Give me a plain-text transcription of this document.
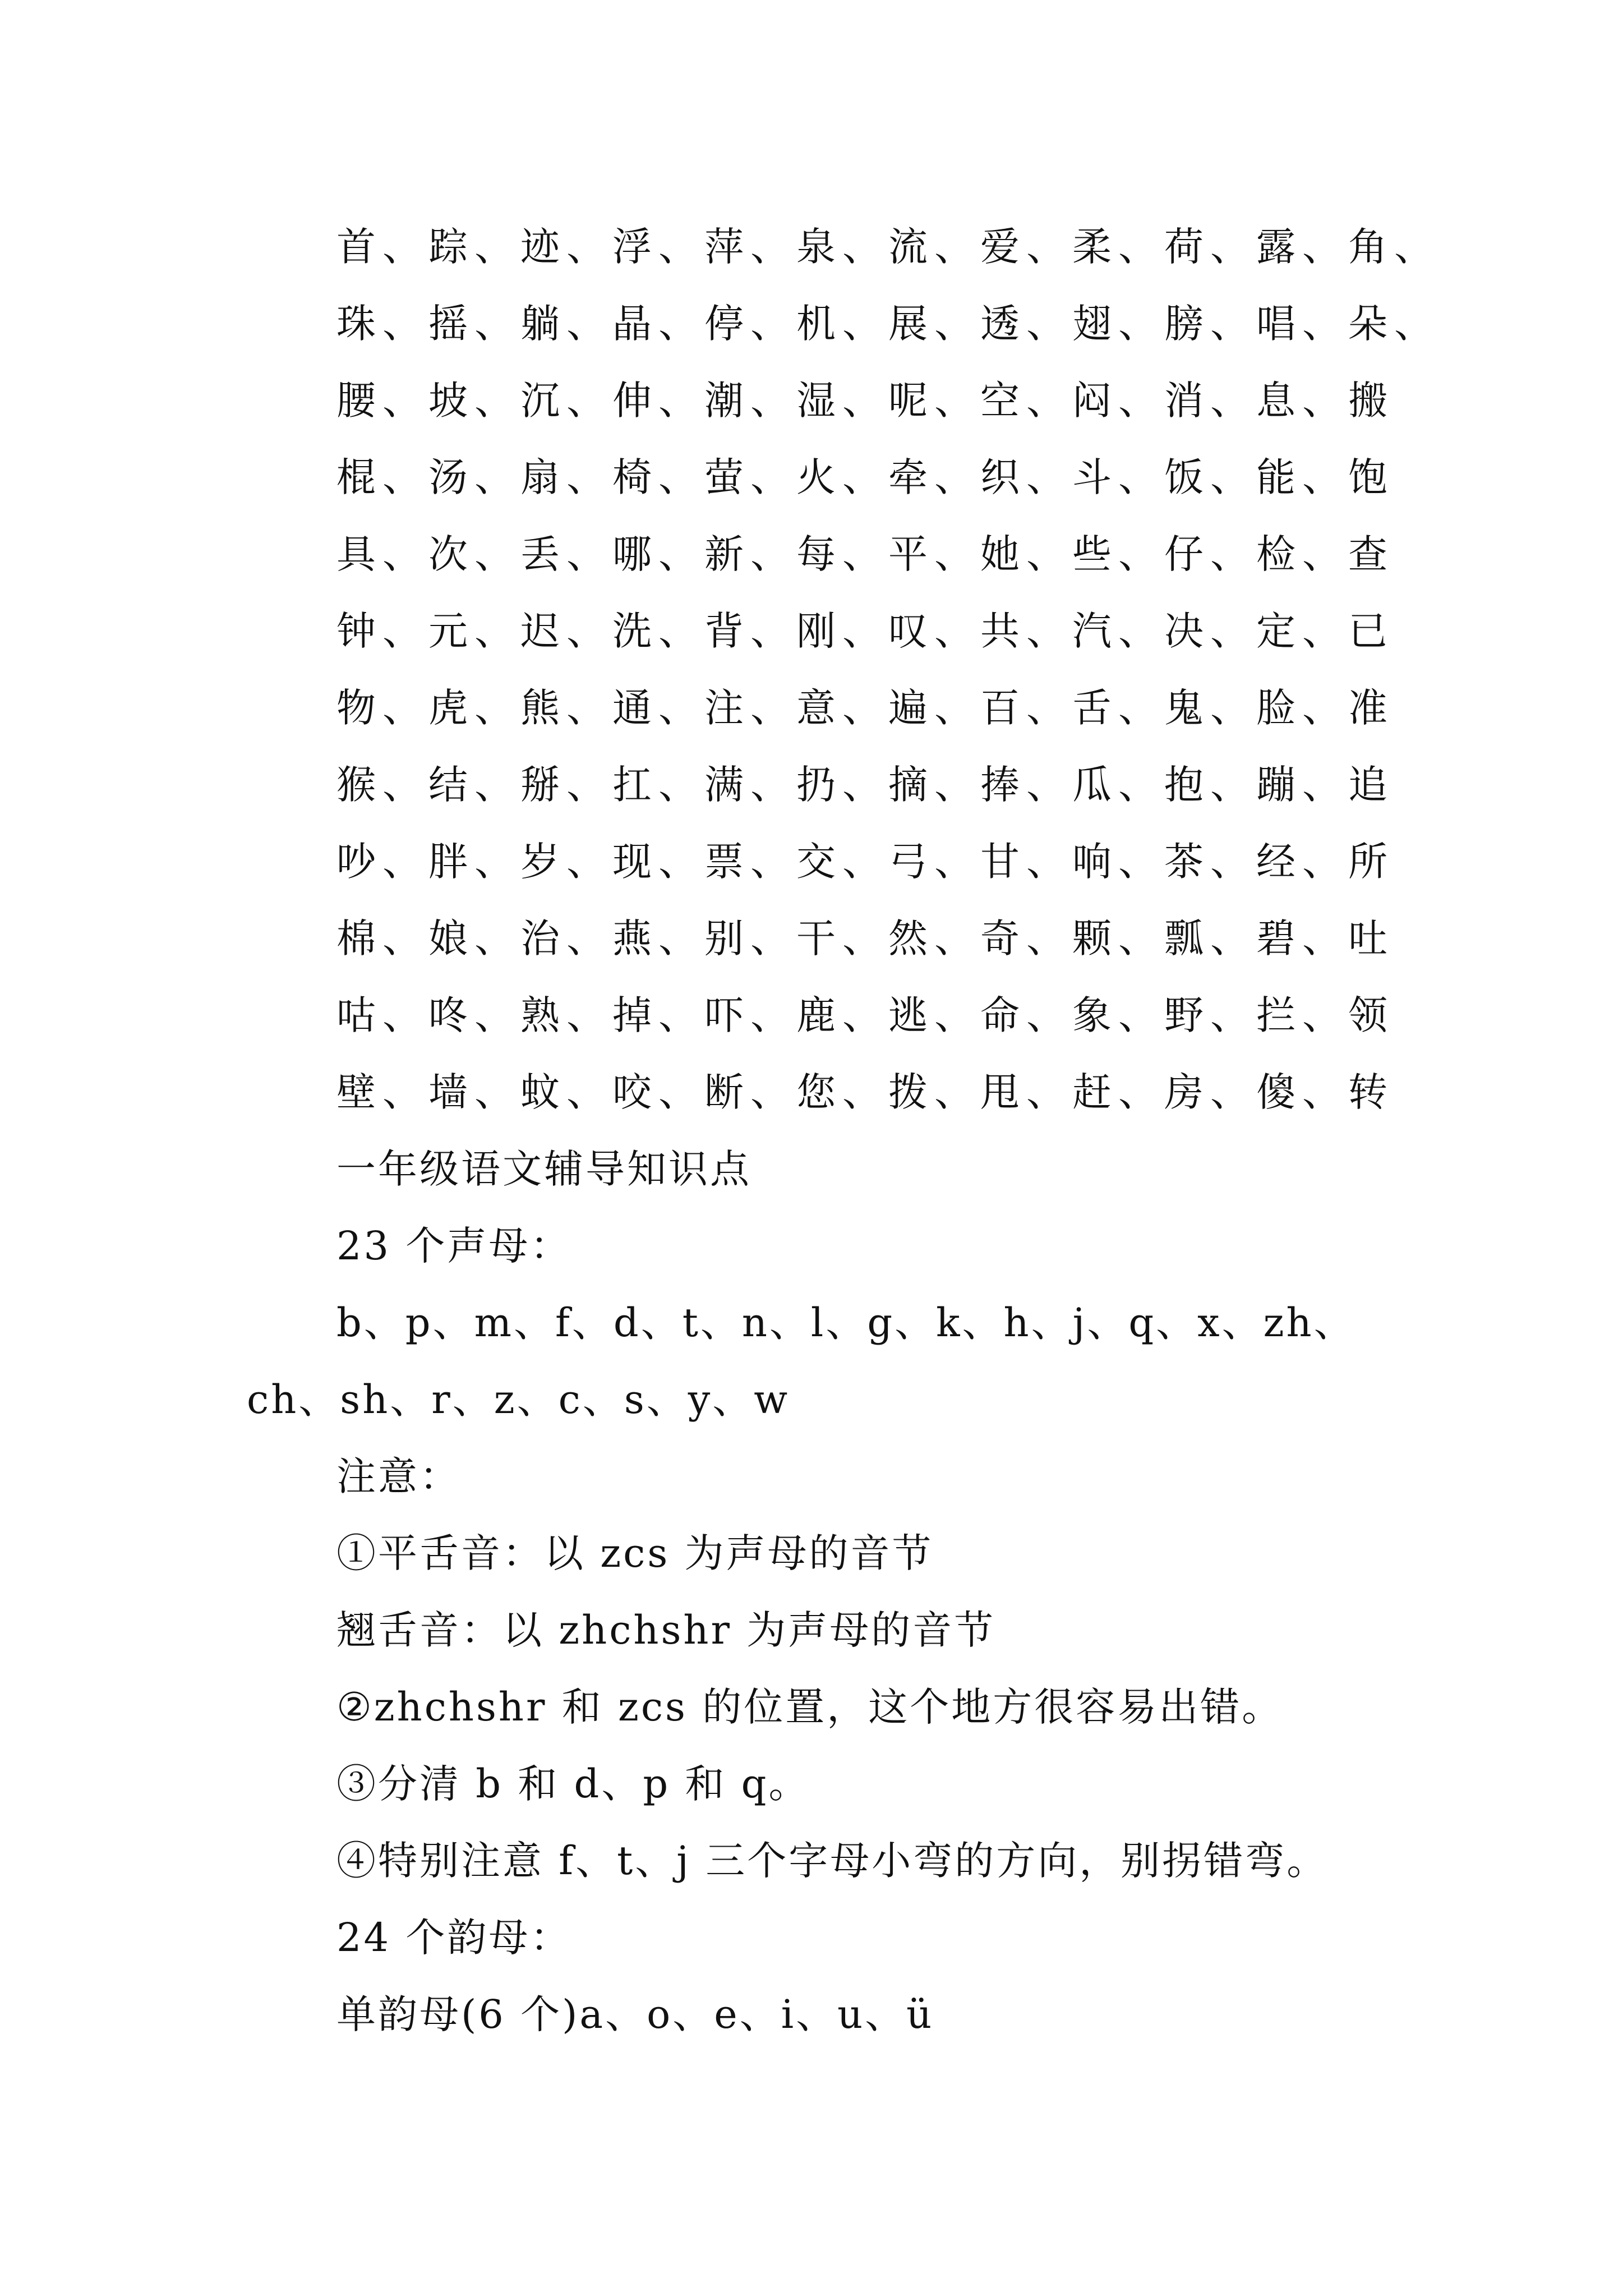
首、踪、迹、浮、萍、泉、流、爱、柔、荷、露、角、
珠、摇、躺、晶、停、机、展、透、翅、膀、唱、朵、
腰、坡、沉、伸、潮、湿、呢、空、闷、消、息、搬
棍、汤、扇、椅、萤、火、牵、织、斗、饭、能、饱
具、次、丢、哪、新、每、平、她、些、仔、检、查
钟、元、迟、洗、背、刚、叹、共、汽、决、定、已
物、虎、熊、通、注、意、遍、百、舌、鬼、脸、准
猴、结、掰、扛、满、扔、摘、捧、瓜、抱、蹦、追
吵、胖、岁、现、票、交、弓、甘、响、茶、经、所
棉、娘、治、燕、别、干、然、奇、颗、瓢、碧、吐
咕、咚、熟、掉、吓、鹿、逃、命、象、野、拦、领
壁、墙、蚊、咬、断、您、拨、甩、赶、房、傻、转
一年级语文辅导知识点
23 个声母：
b、p、m、f、d、t、n、l、g、k、h、j、q、x、zh、
ch、sh、r、z、c、s、y、w
注意：
①平舌音：以 zcs 为声母的音节
翘舌音：以 zhchshr 为声母的音节
②zhchshr 和 zcs 的位置，这个地方很容易出错。
③分清 b 和 d、p 和 q。
④特别注意 f、t、j 三个字母小弯的方向，别拐错弯。
24 个韵母：
单韵母(6 个)a、o、e、i、u、ü
